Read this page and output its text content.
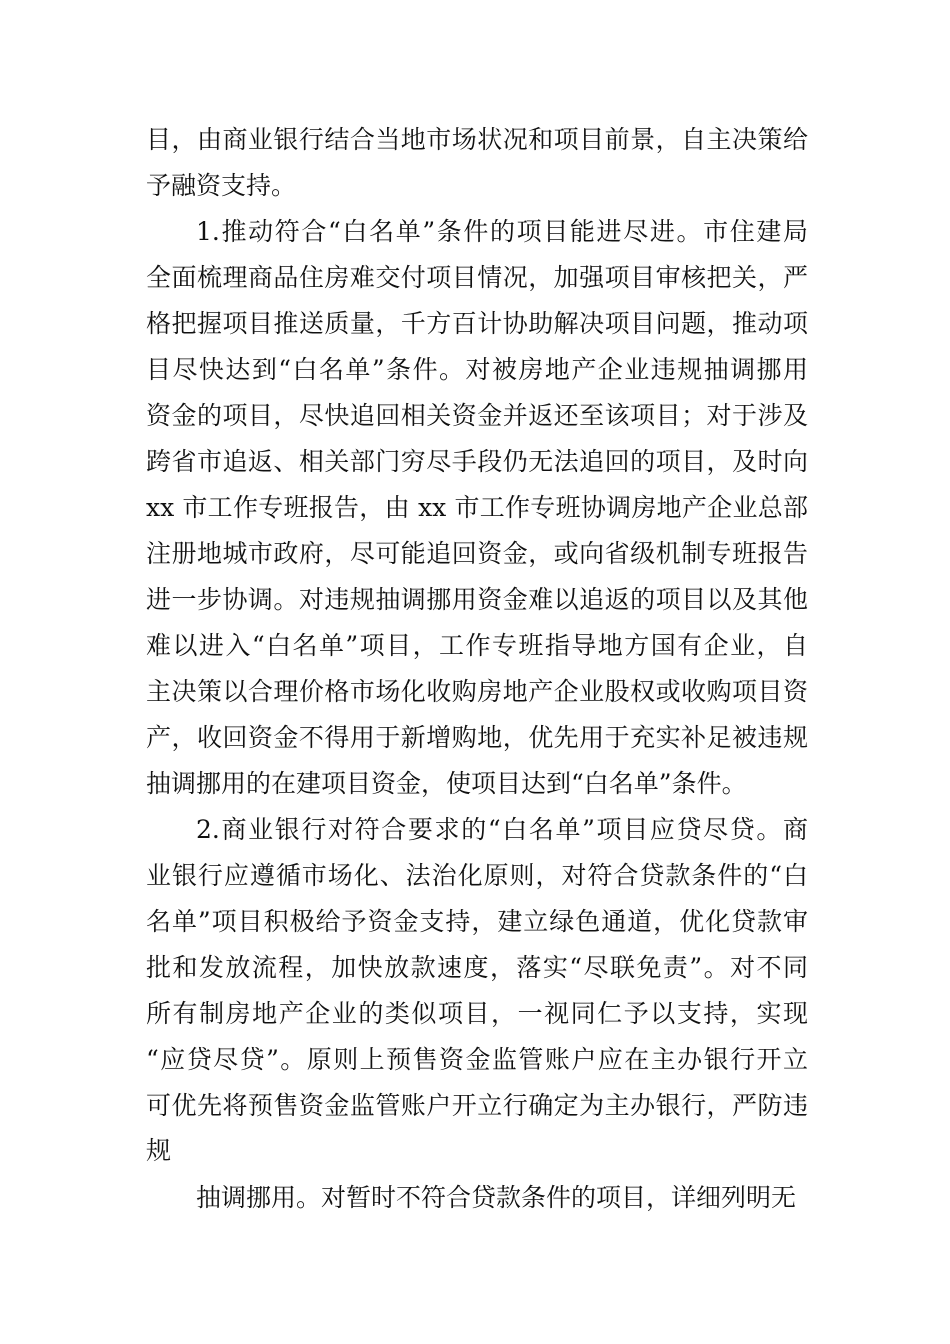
目，由商业银行结合当地市场状况和项目前景，自主决策给
予融资支持。
1.推动符合“白名单”条件的项目能进尽进。市住建局
全面梳理商品住房难交付项目情况，加强项目审核把关，严
格把握项目推送质量，千方百计协助解决项目问题，推动项
目尽快达到“白名单”条件。对被房地产企业违规抽调挪用
资金的项目，尽快追回相关资金并返还至该项目；对于涉及
跨省市追返、相关部门穷尽手段仍无法追回的项目，及时向
xx 市工作专班报告，由 xx 市工作专班协调房地产企业总部
注册地城市政府，尽可能追回资金，或向省级机制专班报告
进一步协调。对违规抽调挪用资金难以追返的项目以及其他
难以进入“白名单”项目，工作专班指导地方国有企业，自
主决策以合理价格市场化收购房地产企业股权或收购项目资
产，收回资金不得用于新增购地，优先用于充实补足被违规
抽调挪用的在建项目资金，使项目达到“白名单”条件。
2.商业银行对符合要求的“白名单”项目应贷尽贷。商
业银行应遵循市场化、法治化原则，对符合贷款条件的“白
名单”项目积极给予资金支持，建立绿色通道，优化贷款审
批和发放流程，加快放款速度，落实“尽联免责”。对不同
所有制房地产企业的类似项目，一视同仁予以支持，实现
“应贷尽贷”。原则上预售资金监管账户应在主办银行开立
可优先将预售资金监管账户开立行确定为主办银行，严防违
规
抽调挪用。对暂时不符合贷款条件的项目，详细列明无
